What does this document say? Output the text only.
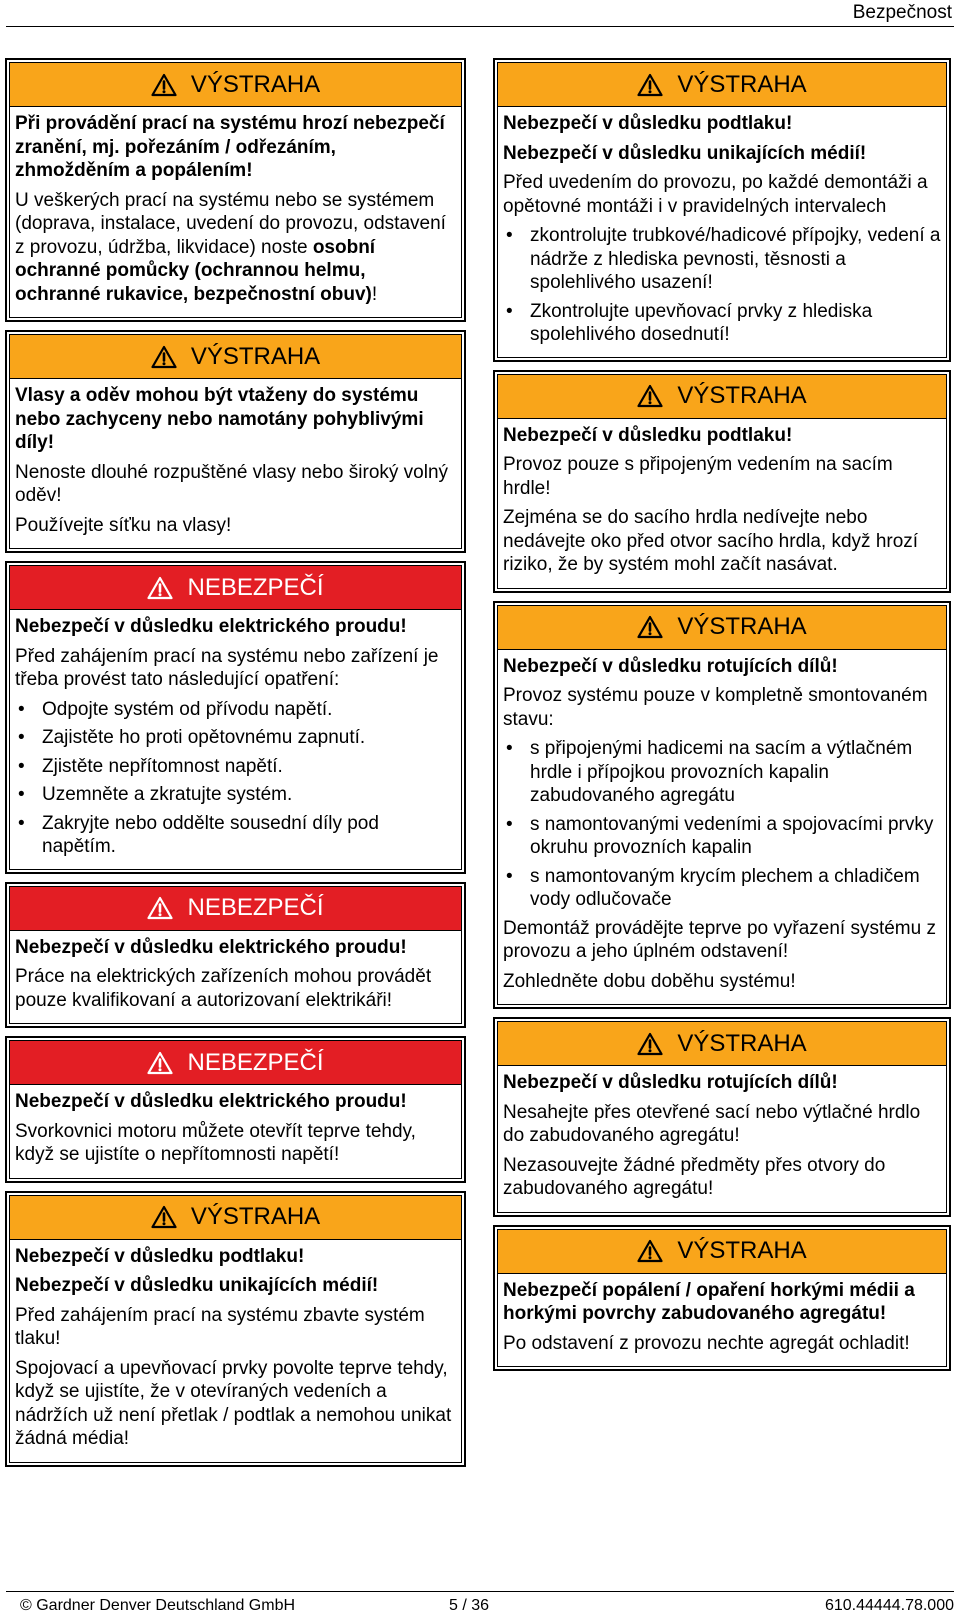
Bezpečnost
VÝSTRAHA

Při provádění prací na systému hrozí nebezpečí zranění, mj. pořezáním / odřezáním, zhmožděním a popálením!

U veškerých prací na systému nebo se systémem (doprava, instalace, uvedení do provozu, odstavení z provozu, údržba, likvidace) noste osobní ochranné pomůcky (ochrannou helmu, ochranné rukavice, bezpečnostní obuv)!

VÝSTRAHA

Vlasy a oděv mohou být vtaženy do systému nebo zachyceny nebo namotány pohyblivými díly!

Nenoste dlouhé rozpuštěné vlasy nebo široký volný oděv!

Používejte síťku na vlasy!

NEBEZPEČÍ

Nebezpečí v důsledku elektrického proudu!

Před zahájením prací na systému nebo zařízení je třeba provést tato následující opatření:

• Odpojte systém od přívodu napětí.
• Zajistěte ho proti opětovnému zapnutí.
• Zjistěte nepřítomnost napětí.
• Uzemněte a zkratujte systém.
• Zakryjte nebo oddělte sousední díly pod napětím.
NEBEZPEČÍ

Nebezpečí v důsledku elektrického proudu!

Práce na elektrických zařízeních mohou provádět pouze kvalifikovaní a autorizovaní elektrikáři!

NEBEZPEČÍ

Nebezpečí v důsledku elektrického proudu!

Svorkovnici motoru můžete otevřít teprve tehdy, když se ujistíte o nepřítomnosti napětí!

VÝSTRAHA

Nebezpečí v důsledku podtlaku!

Nebezpečí v důsledku unikajících médií!

Před zahájením prací na systému zbavte systém tlaku!

Spojovací a upevňovací prvky povolte teprve tehdy, když se ujistíte, že v otevíraných vedeních a nádržích už není přetlak / podtlak a nemohou unikat žádná média!

VÝSTRAHA

Nebezpečí v důsledku podtlaku!

Nebezpečí v důsledku unikajících médií!

Před uvedením do provozu, po každé demontáži a opětovné montáži i v pravidelných intervalech

• zkontrolujte trubkové/hadicové přípojky, vedení a nádrže z hlediska pevnosti, těsnosti a spolehlivého usazení!
• Zkontrolujte upevňovací prvky z hlediska spolehlivého dosednutí!
VÝSTRAHA

Nebezpečí v důsledku podtlaku!

Provoz pouze s připojeným vedením na sacím hrdle!

Zejména se do sacího hrdla nedívejte nebo nedávejte oko před otvor sacího hrdla, když hrozí riziko, že by systém mohl začít nasávat.

VÝSTRAHA

Nebezpečí v důsledku rotujících dílů!

Provoz systému pouze v kompletně smontovaném stavu:

• s připojenými hadicemi na sacím a výtlačném hrdle i přípojkou provozních kapalin zabudovaného agregátu
• s namontovanými vedeními a spojovacími prvky okruhu provozních kapalin
• s namontovaným krycím plechem a chladičem vody odlučovače

Demontáž provádějte teprve po vyřazení systému z provozu a jeho úplném odstavení!

Zohledněte dobu doběhu systému!

VÝSTRAHA

Nebezpečí v důsledku rotujících dílů!

Nesahejte přes otevřené sací nebo výtlačné hrdlo do zabudovaného agregátu!

Nezasouvejte žádné předměty přes otvory do zabudovaného agregátu!

VÝSTRAHA

Nebezpečí popálení / opaření horkými médii a horkými povrchy zabudovaného agregátu!

Po odstavení z provozu nechte agregát ochladit!

© Gardner Denver Deutschland GmbH	5 / 36	610.44444.78.000
